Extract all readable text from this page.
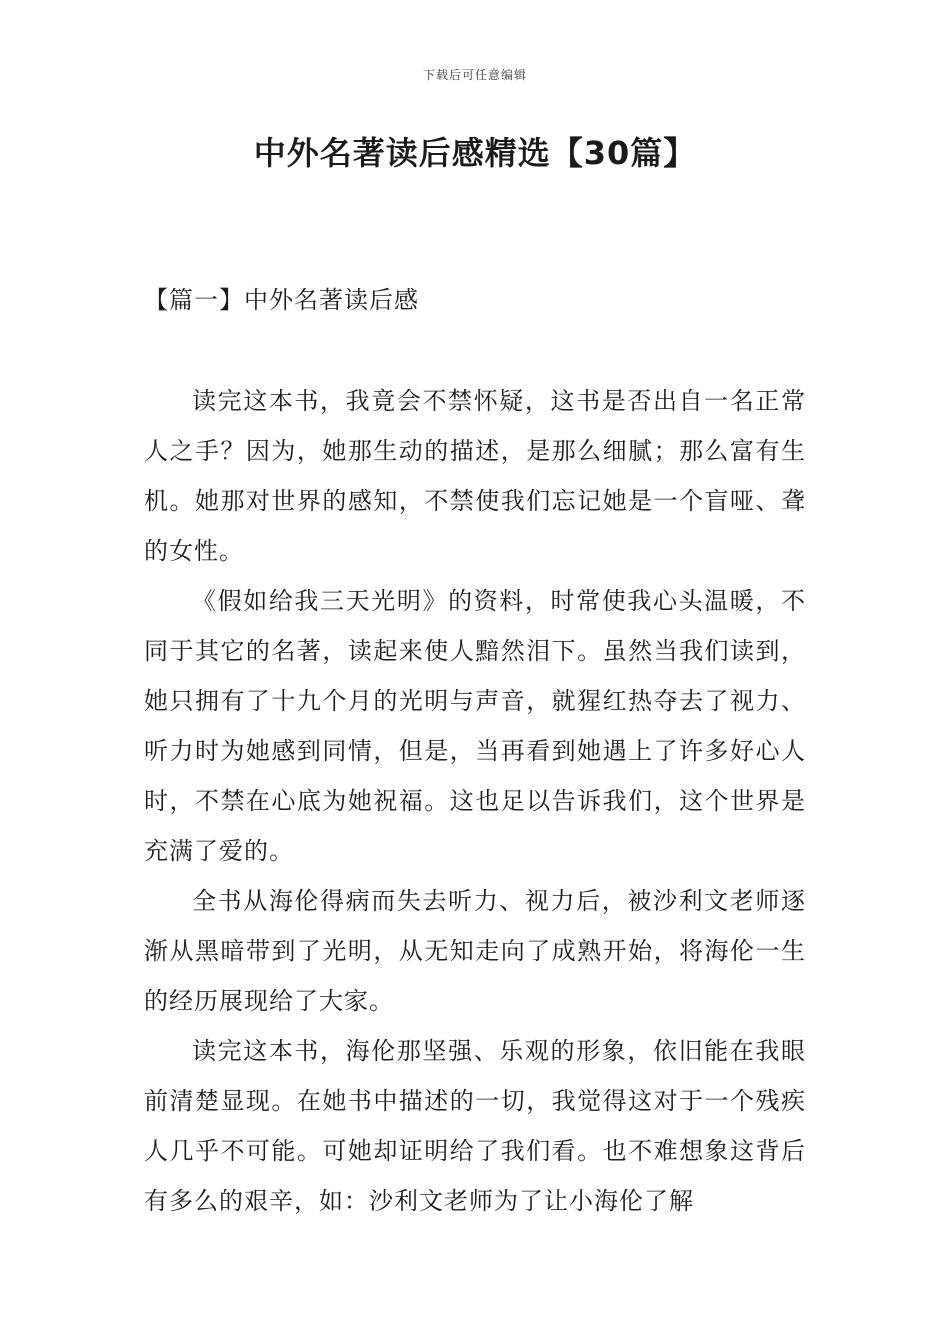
下载后可任意编辑
中外名著读后感精选【30篇】
【篇一】中外名著读后感

读完这本书，我竟会不禁怀疑，这书是否出自一名正常人之手？因为，她那生动的描述，是那么细腻；那么富有生机。她那对世界的感知，不禁使我们忘记她是一个盲哑、聋的女性。

《假如给我三天光明》的资料，时常使我心头温暖，不同于其它的名著，读起来使人黯然泪下。虽然当我们读到，她只拥有了十九个月的光明与声音，就猩红热夺去了视力、听力时为她感到同情，但是，当再看到她遇上了许多好心人时，不禁在心底为她祝福。这也足以告诉我们，这个世界是充满了爱的。

全书从海伦得病而失去听力、视力后，被沙利文老师逐渐从黑暗带到了光明，从无知走向了成熟开始，将海伦一生的经历展现给了大家。

读完这本书，海伦那坚强、乐观的形象，依旧能在我眼前清楚显现。在她书中描述的一切，我觉得这对于一个残疾人几乎不可能。可她却证明给了我们看。也不难想象这背后有多么的艰辛，如：沙利文老师为了让小海伦了解
